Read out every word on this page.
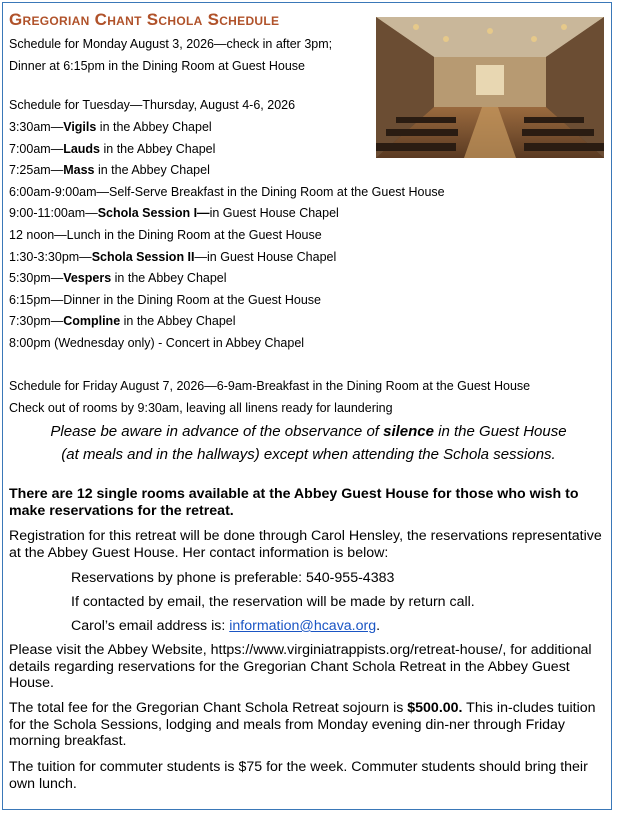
Gregorian Chant Schola Schedule
Schedule for Monday August 3, 2026—check in after 3pm;
Dinner at 6:15pm in the Dining Room at Guest House
Schedule for Tuesday—Thursday, August 4-6, 2026
3:30am—Vigils in the Abbey Chapel
7:00am—Lauds in the Abbey Chapel
7:25am—Mass in the Abbey Chapel
6:00am-9:00am—Self-Serve Breakfast in the Dining Room at the Guest House
9:00-11:00am—Schola Session I—in Guest House Chapel
12 noon—Lunch in the Dining Room at the Guest House
1:30-3:30pm—Schola Session II—in Guest House Chapel
5:30pm—Vespers in the Abbey Chapel
6:15pm—Dinner in the Dining Room at the Guest House
7:30pm—Compline in the Abbey Chapel
8:00pm (Wednesday only) - Concert in Abbey Chapel
Schedule for Friday August 7, 2026—6-9am-Breakfast in the Dining Room at the Guest House
Check out of rooms by 9:30am, leaving all linens ready for laundering
Please be aware in advance of the observance of silence in the Guest House
(at meals and in the hallways) except when attending the Schola sessions.
There are 12 single rooms available at the Abbey Guest House for those who wish to make reservations for the retreat.
Registration for this retreat will be done through Carol Hensley, the reservations representative at the Abbey Guest House. Her contact information is below:
Reservations by phone is preferable: 540-955-4383
If contacted by email, the reservation will be made by return call.
Carol’s email address is: information@hcava.org.
Please visit the Abbey Website, https://www.virginiatrappists.org/retreat-house/, for additional details regarding reservations for the Gregorian Chant Schola Retreat in the Abbey Guest House.
The total fee for the Gregorian Chant Schola Retreat sojourn is $500.00. This in-cludes tuition for the Schola Sessions, lodging and meals from Monday evening din-ner through Friday morning breakfast.
The tuition for commuter students is $75 for the week. Commuter students should bring their own lunch.
